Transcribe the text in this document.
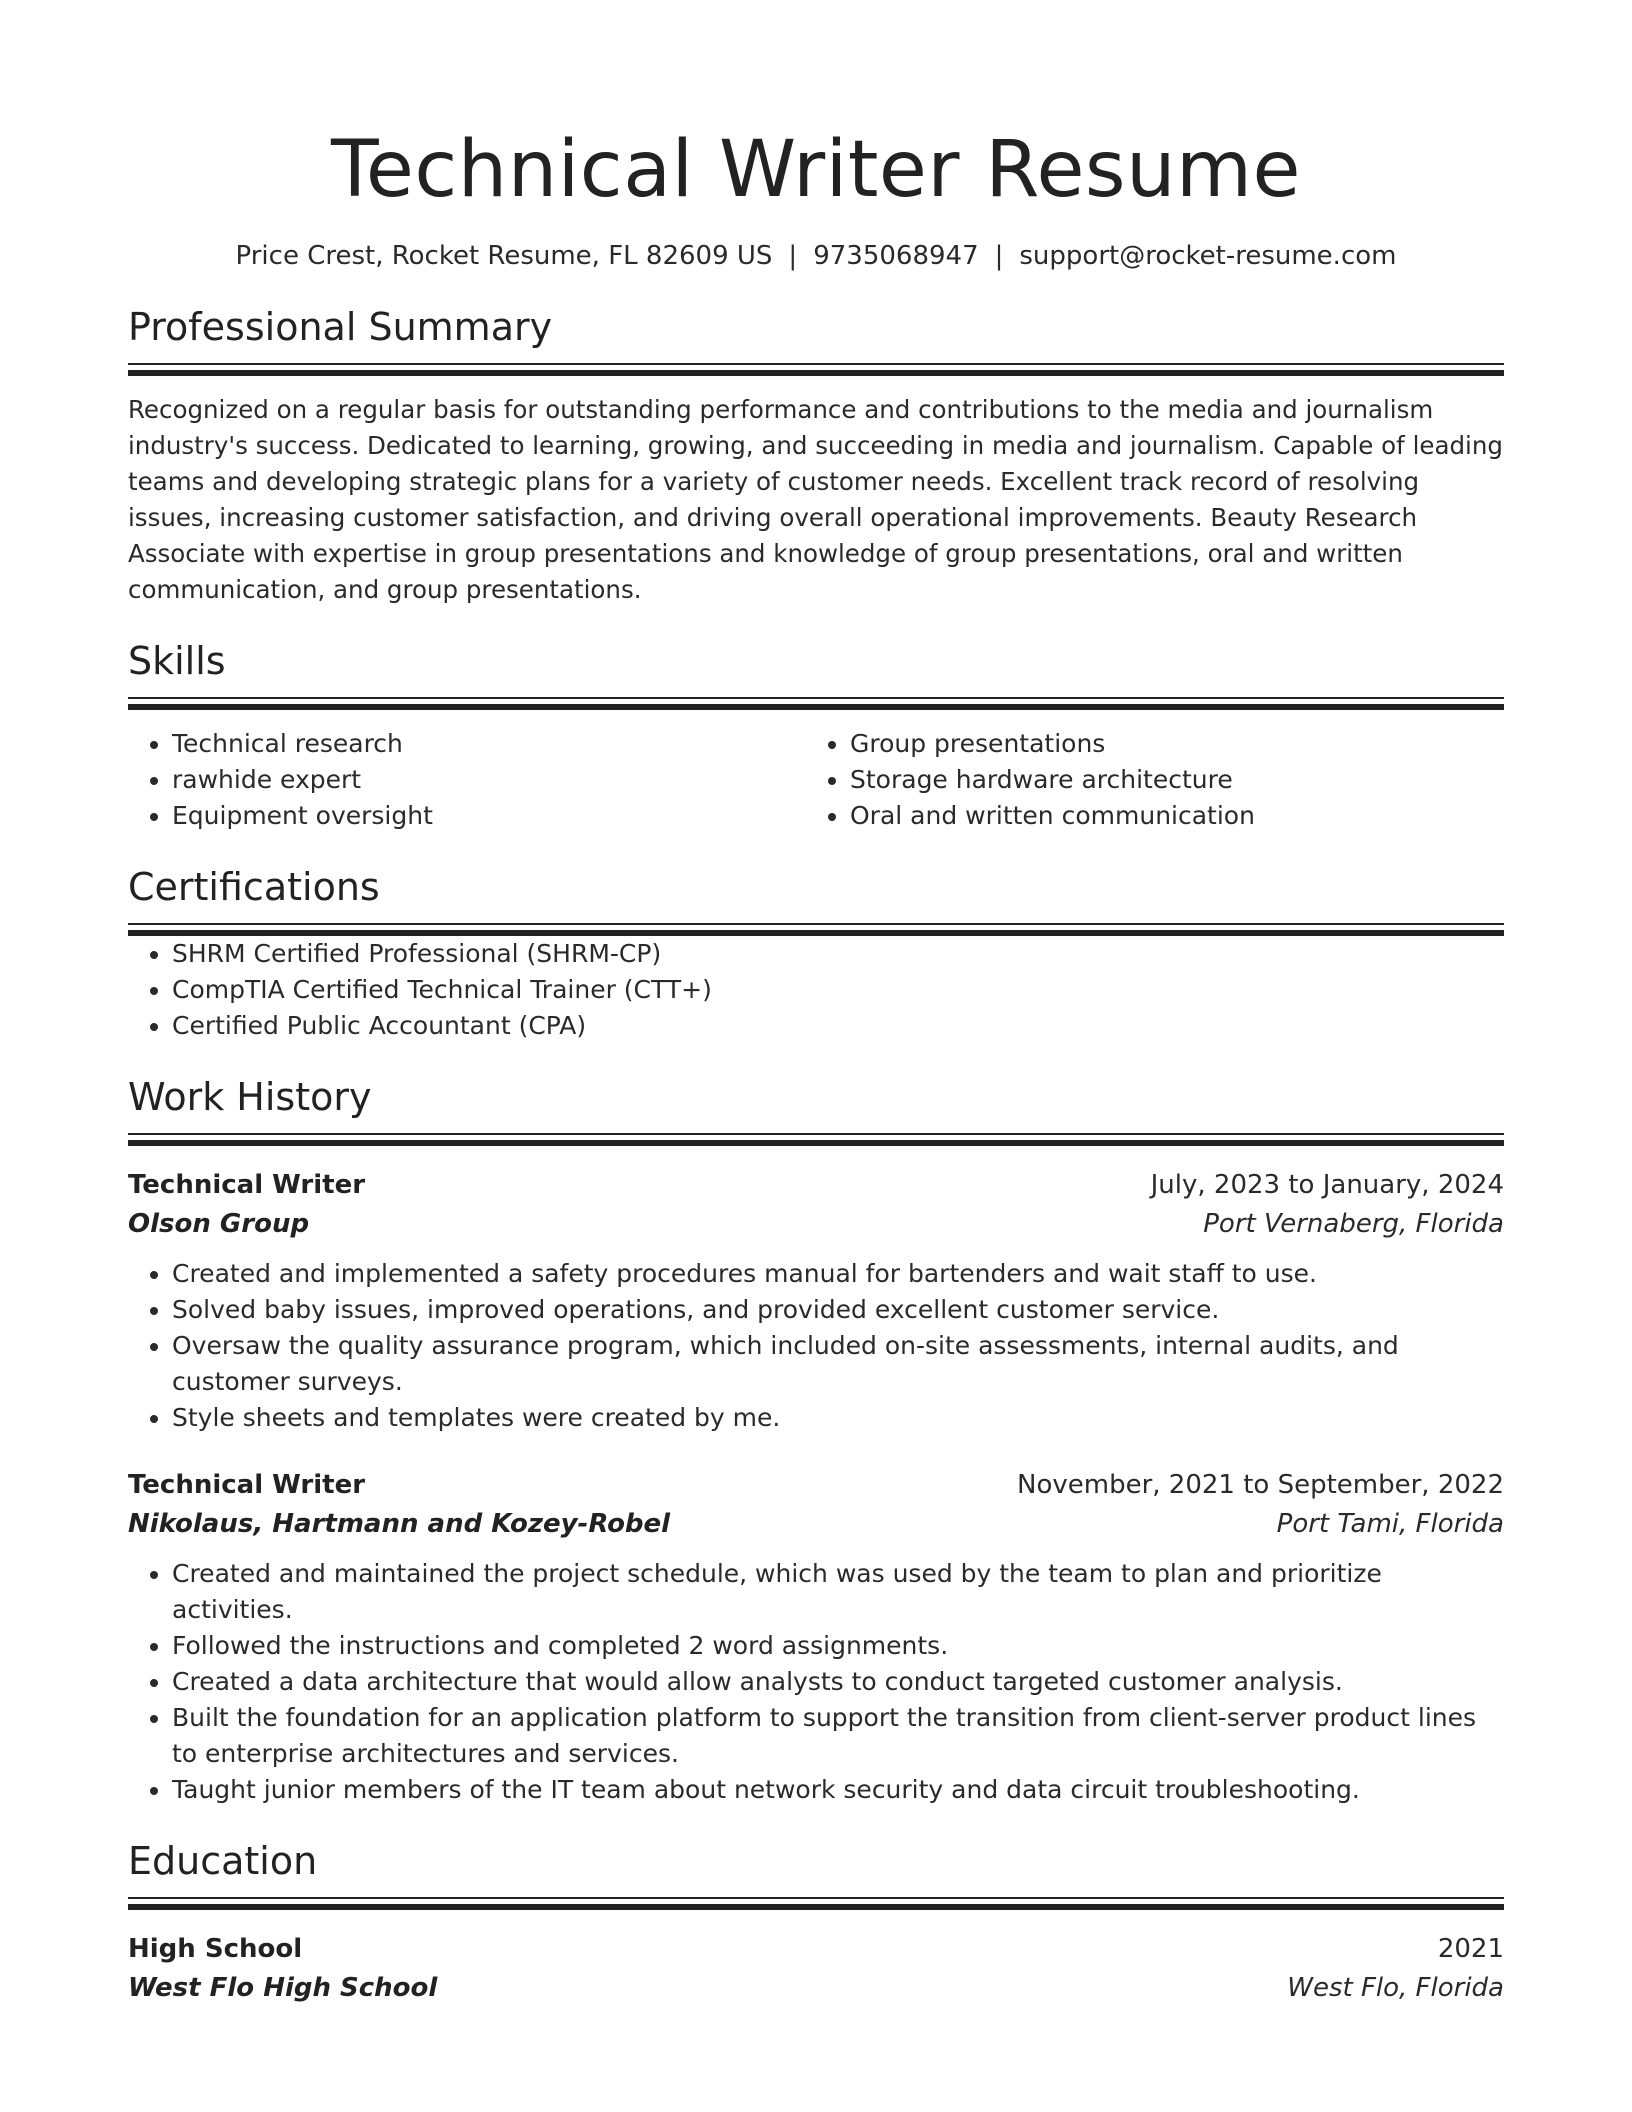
Technical Writer Resume
Price Crest, Rocket Resume, FL 82609 US | 9735068947 | support@rocket-resume.com
Professional Summary
Recognized on a regular basis for outstanding performance and contributions to the media and journalism industry's success. Dedicated to learning, growing, and succeeding in media and journalism. Capable of leading teams and developing strategic plans for a variety of customer needs. Excellent track record of resolving issues, increasing customer satisfaction, and driving overall operational improvements. Beauty Research Associate with expertise in group presentations and knowledge of group presentations, oral and written communication, and group presentations.
Skills
• Technical research
• rawhide expert
• Equipment oversight
• Group presentations
• Storage hardware architecture
• Oral and written communication
Certifications
• SHRM Certified Professional (SHRM-CP)
• CompTIA Certified Technical Trainer (CTT+)
• Certified Public Accountant (CPA)
Work History
Technical Writer	July, 2023 to January, 2024
Olson Group	Port Vernaberg, Florida
• Created and implemented a safety procedures manual for bartenders and wait staff to use.
• Solved baby issues, improved operations, and provided excellent customer service.
• Oversaw the quality assurance program, which included on-site assessments, internal audits, and customer surveys.
• Style sheets and templates were created by me.
Technical Writer	November, 2021 to September, 2022
Nikolaus, Hartmann and Kozey-Robel	Port Tami, Florida
• Created and maintained the project schedule, which was used by the team to plan and prioritize activities.
• Followed the instructions and completed 2 word assignments.
• Created a data architecture that would allow analysts to conduct targeted customer analysis.
• Built the foundation for an application platform to support the transition from client-server product lines to enterprise architectures and services.
• Taught junior members of the IT team about network security and data circuit troubleshooting.
Education
High School	2021
West Flo High School	West Flo, Florida
